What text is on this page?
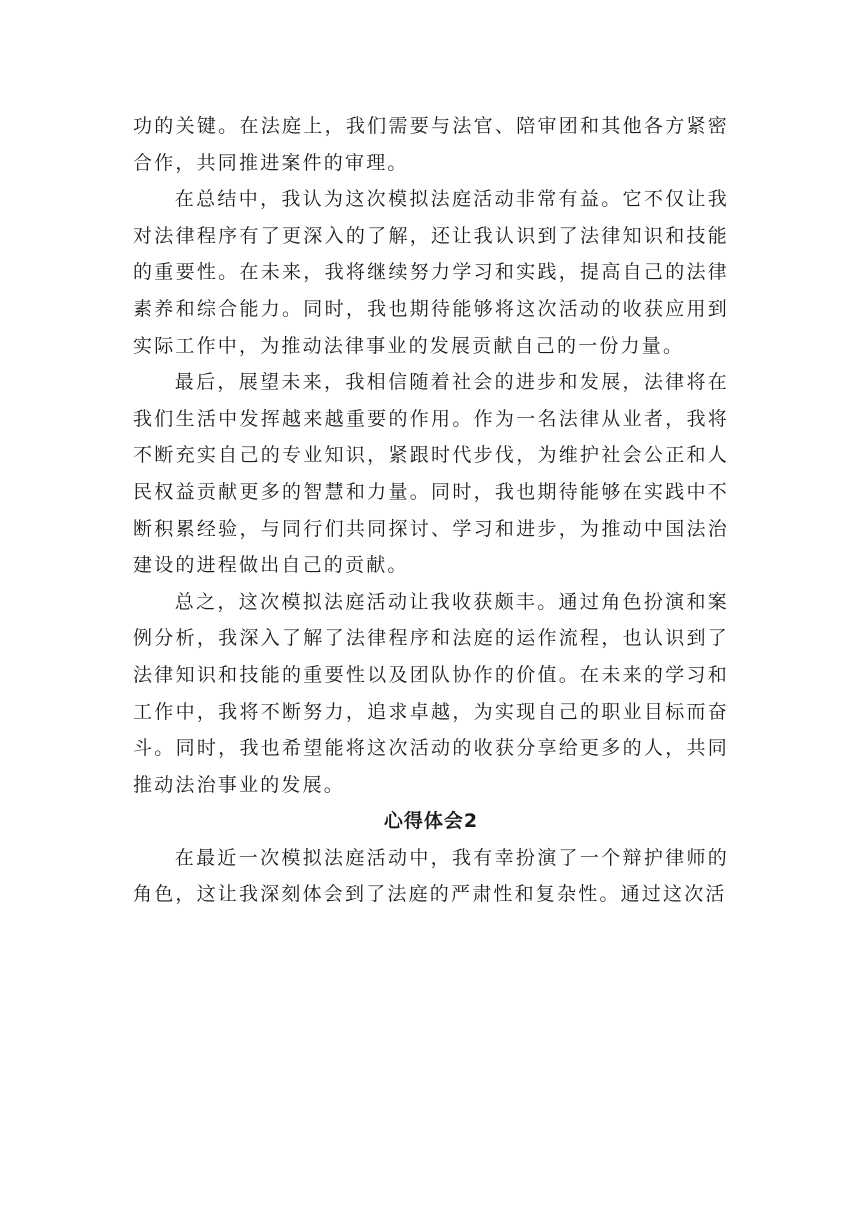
功的关键。在法庭上，我们需要与法官、陪审团和其他各方紧密合作，共同推进案件的审理。

在总结中，我认为这次模拟法庭活动非常有益。它不仅让我对法律程序有了更深入的了解，还让我认识到了法律知识和技能的重要性。在未来，我将继续努力学习和实践，提高自己的法律素养和综合能力。同时，我也期待能够将这次活动的收获应用到实际工作中，为推动法律事业的发展贡献自己的一份力量。

最后，展望未来，我相信随着社会的进步和发展，法律将在我们生活中发挥越来越重要的作用。作为一名法律从业者，我将不断充实自己的专业知识，紧跟时代步伐，为维护社会公正和人民权益贡献更多的智慧和力量。同时，我也期待能够在实践中不断积累经验，与同行们共同探讨、学习和进步，为推动中国法治建设的进程做出自己的贡献。

总之，这次模拟法庭活动让我收获颇丰。通过角色扮演和案例分析，我深入了解了法律程序和法庭的运作流程，也认识到了法律知识和技能的重要性以及团队协作的价值。在未来的学习和工作中，我将不断努力，追求卓越，为实现自己的职业目标而奋斗。同时，我也希望能将这次活动的收获分享给更多的人，共同推动法治事业的发展。

心得体会2

在最近一次模拟法庭活动中，我有幸扮演了一个辩护律师的角色，这让我深刻体会到了法庭的严肃性和复杂性。通过这次活
